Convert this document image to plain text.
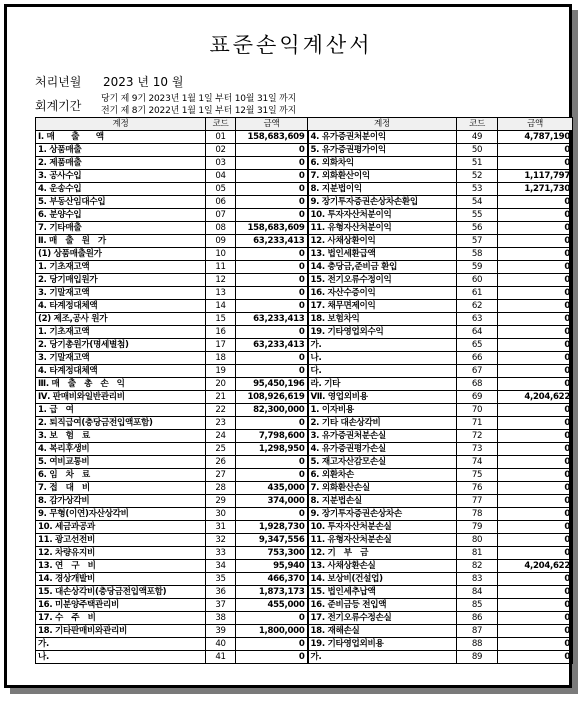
표준손익계산서
처리년월 2023 년 10 월
회계기간 당기 제 9기 2023년 1월 1일 부터 10월 31일 까지
전기 제 8기 2022년 1월 1일 부터 12월 31일 까지
계정	코드	금액	계정	코드	금액
Ⅰ. 매　　출　　액	01	158,683,609	4. 유가증권처분이익	49	4,787,190
1. 상품매출	02	0	5. 유가증권평가이익	50	0
2. 제품매출	03	0	6. 외화차익	51	0
3. 공사수입	04	0	7. 외화환산이익	52	1,117,797
4. 운송수입	05	0	8. 지분법이익	53	1,271,730
5. 부동산임대수입	06	0	9. 장기투자증권손상차손환입	54	0
6. 분양수입	07	0	10. 투자자산처분이익	55	0
7. 기타매출	08	158,683,609	11. 유형자산처분이익	56	0
Ⅱ. 매　출　원　가	09	63,233,413	12. 사채상환이익	57	0
(1) 상품매출원가	10	0	13. 법인세환급액	58	0
1. 기초재고액	11	0	14. 충당금,준비금 환입	59	0
2. 당기매입원가	12	0	15. 전기오류수정이익	60	0
3. 기말재고액	13	0	16. 자산수증이익	61	0
4. 타계정대체액	14	0	17. 채무면제이익	62	0
(2) 제조,공사 원가	15	63,233,413	18. 보험차익	63	0
1. 기초재고액	16	0	19. 기타영업외수익	64	0
2. 당기총원가(명세별첨)	17	63,233,413	가.	65	0
3. 기말재고액	18	0	나.	66	0
4. 타계정대체액	19	0	다.	67	0
Ⅲ. 매　출　총　손　익	20	95,450,196	라. 기타	68	0
Ⅳ. 판매비와일반관리비	21	108,926,619	Ⅶ. 영업외비용	69	4,204,622
1. 급　여	22	82,300,000	1. 이자비용	70	0
2. 퇴직급여(충당금전입액포함)	23	0	2. 기타 대손상각비	71	0
3. 보　험　료	24	7,798,600	3. 유가증권처분손실	72	0
4. 복리후생비	25	1,298,950	4. 유가증권평가손실	73	0
5. 여비교통비	26	0	5. 재고자산감모손실	74	0
6. 임　차　료	27	0	6. 외환차손	75	0
7. 접　대　비	28	435,000	7. 외화환산손실	76	0
8. 감가상각비	29	374,000	8. 지분법손실	77	0
9. 무형(이연)자산상각비	30	0	9. 장기투자증권손상차손	78	0
10. 세금과공과	31	1,928,730	10. 투자자산처분손실	79	0
11. 광고선전비	32	9,347,556	11. 유형자산처분손실	80	0
12. 차량유지비	33	753,300	12. 기　부　금	81	0
13. 연　구　비	34	95,940	13. 사채상환손실	82	4,204,622
14. 경상개발비	35	466,370	14. 보상비(건설업)	83	0
15. 대손상각비(충당금전입액포함)	36	1,873,173	15. 법인세추납액	84	0
16. 미분양주택관리비	37	455,000	16. 준비금등 전입액	85	0
17. 수　주　비	38	0	17. 전기오류수정손실	86	0
18. 기타판매비와관리비	39	1,800,000	18. 재해손실	87	0
가.	40	0	19. 기타영업외비용	88	0
나.	41	0	가.	89	0
